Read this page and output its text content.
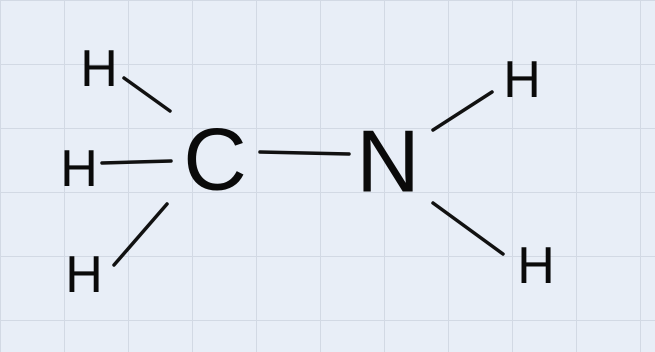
C N
H
H
H
H
H
